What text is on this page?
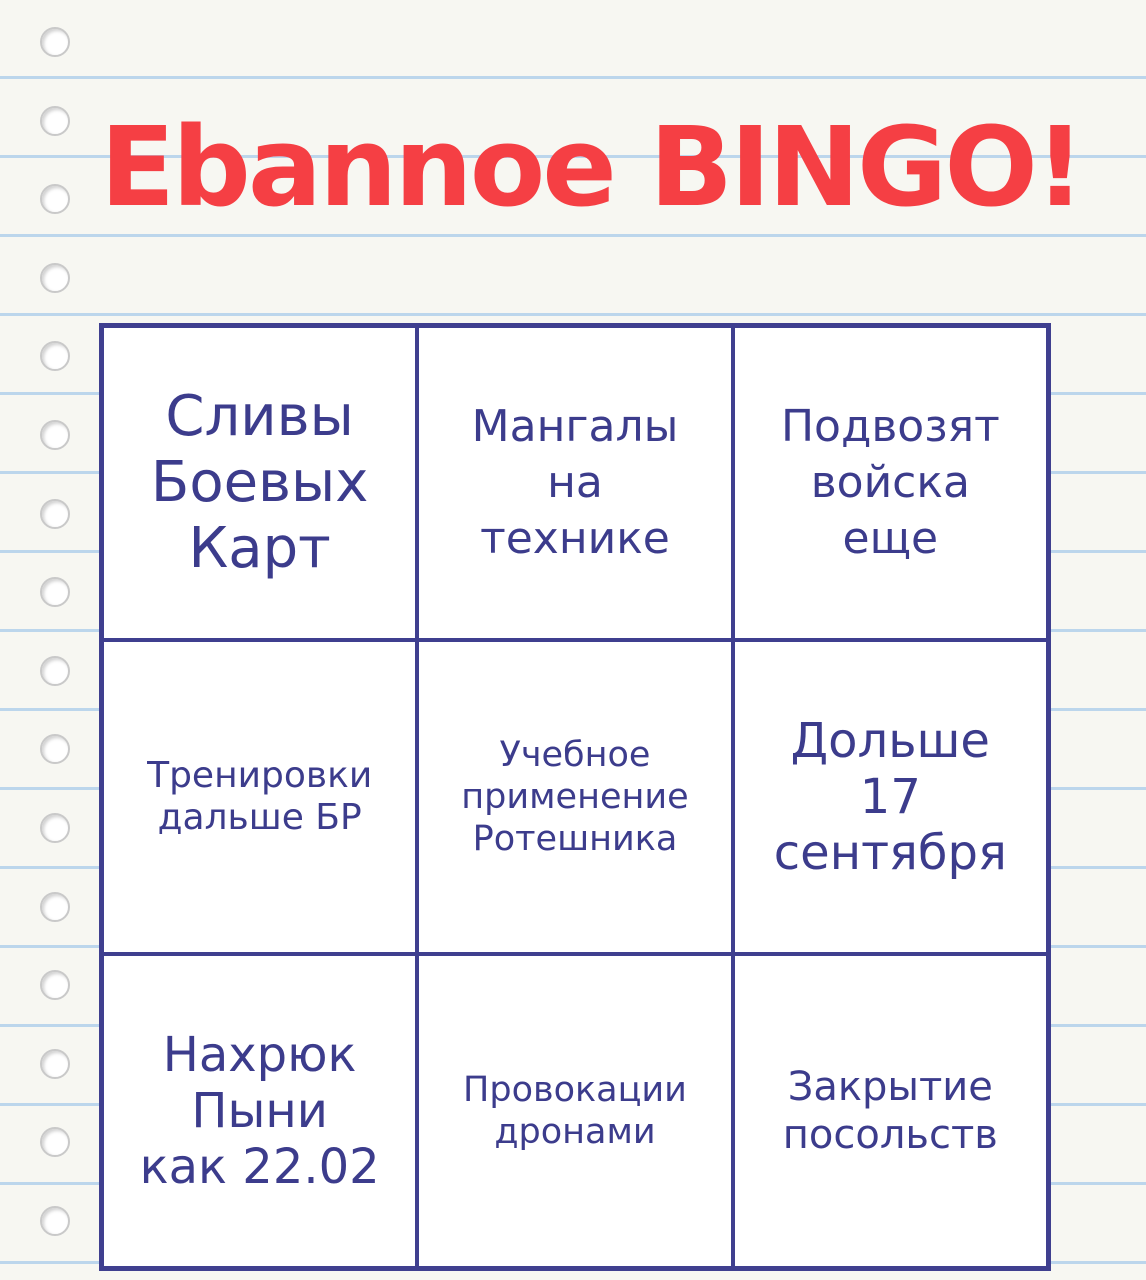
Ebannoe BINGO!
Сливы
Боевых
Карт
Мангалы
на
технике
Подвозят
войска
еще
Тренировки
дальше БР
Учебное
применение
Ротешника
Дольше
17
сентября
Нахрюк
Пыни
как 22.02
Провокации
дронами
Закрытие
посольств
